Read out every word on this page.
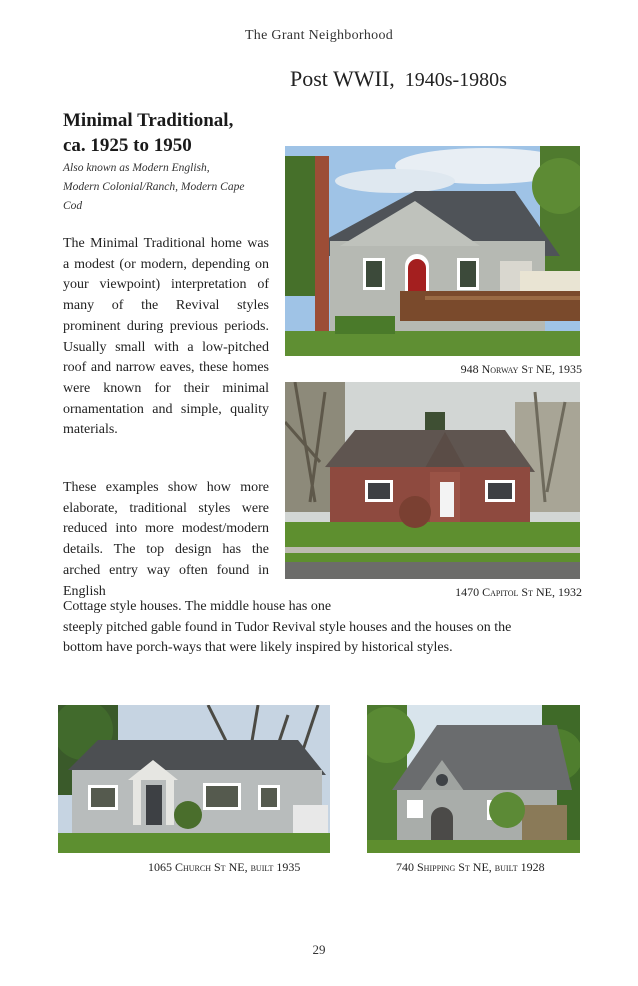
The Grant Neighborhood
Post WWII, 1940s-1980s
Minimal Traditional,
ca. 1925 to 1950
Also known as Modern English,
Modern Colonial/Ranch, Modern Cape
Cod
The Minimal Traditional home was a modest (or modern, depending on your viewpoint) interpretation of many of the Revival styles prominent during previous periods. Usually small with a low-pitched roof and narrow eaves, these homes were known for their minimal ornamentation and simple, quality materials.
These examples show how more elaborate, traditional styles were reduced into more modest/modern details. The top design has the arched entry way often found in English
Cottage style houses. The middle house has one
steeply pitched gable found in Tudor Revival style houses and the houses on the
bottom have porch-ways that were likely inspired by historical styles.
948 Norway St NE, 1935
1470 Capitol St NE, 1932
1065 Church St NE, built 1935	740 Shipping St NE, built 1928
29
